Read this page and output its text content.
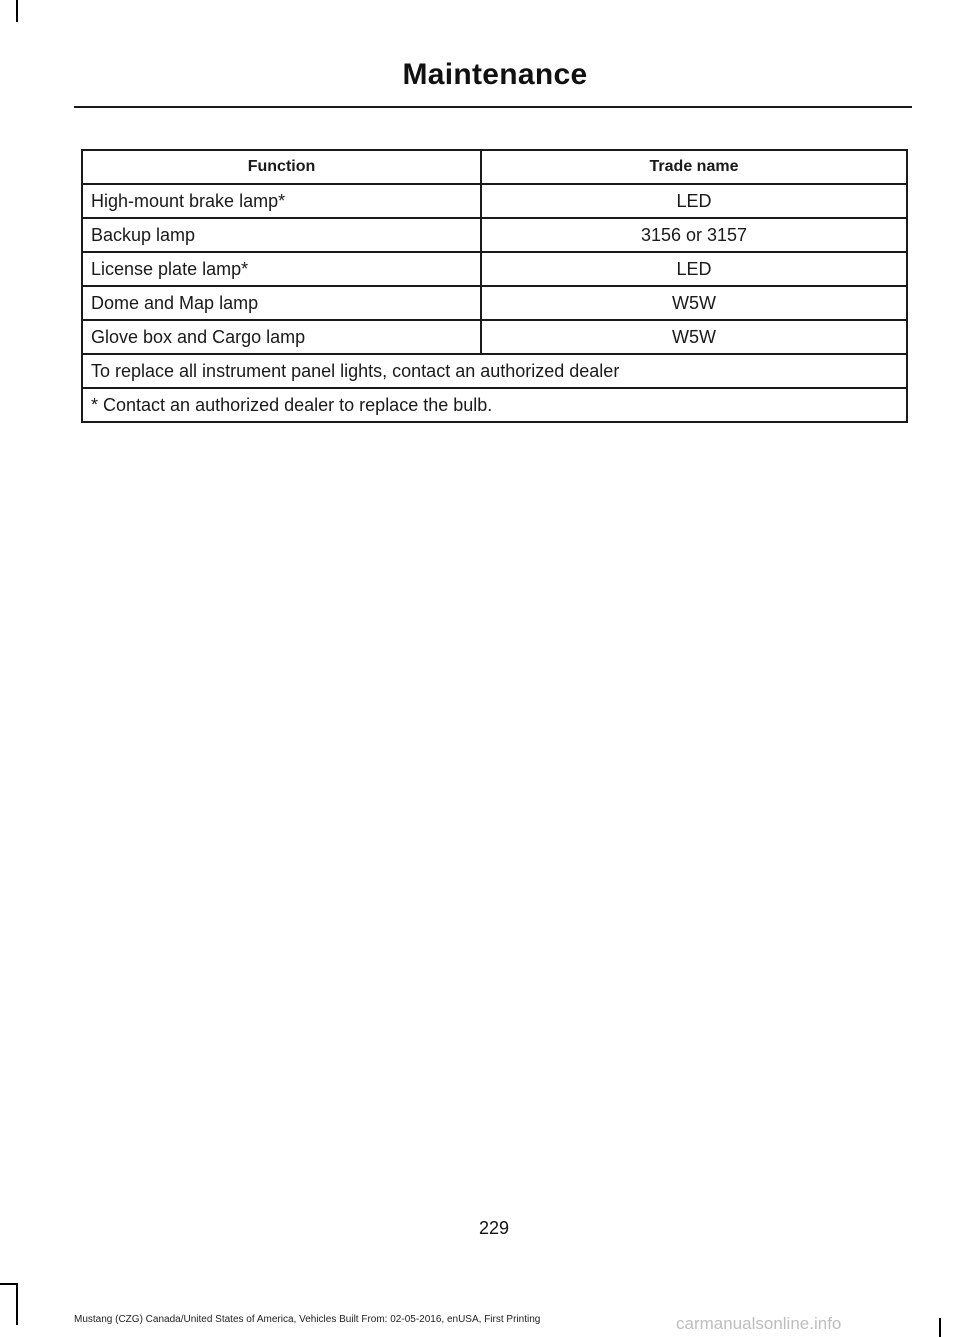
Maintenance
Function	Trade name
High-mount brake lamp*	LED
Backup lamp	3156 or 3157
License plate lamp*	LED
Dome and Map lamp	W5W
Glove box and Cargo lamp	W5W
To replace all instrument panel lights, contact an authorized dealer	
* Contact an authorized dealer to replace the bulb.	
229
Mustang (CZG) Canada/United States of America, Vehicles Built From: 02-05-2016, enUSA, First Printing	carmanualsonline.info
